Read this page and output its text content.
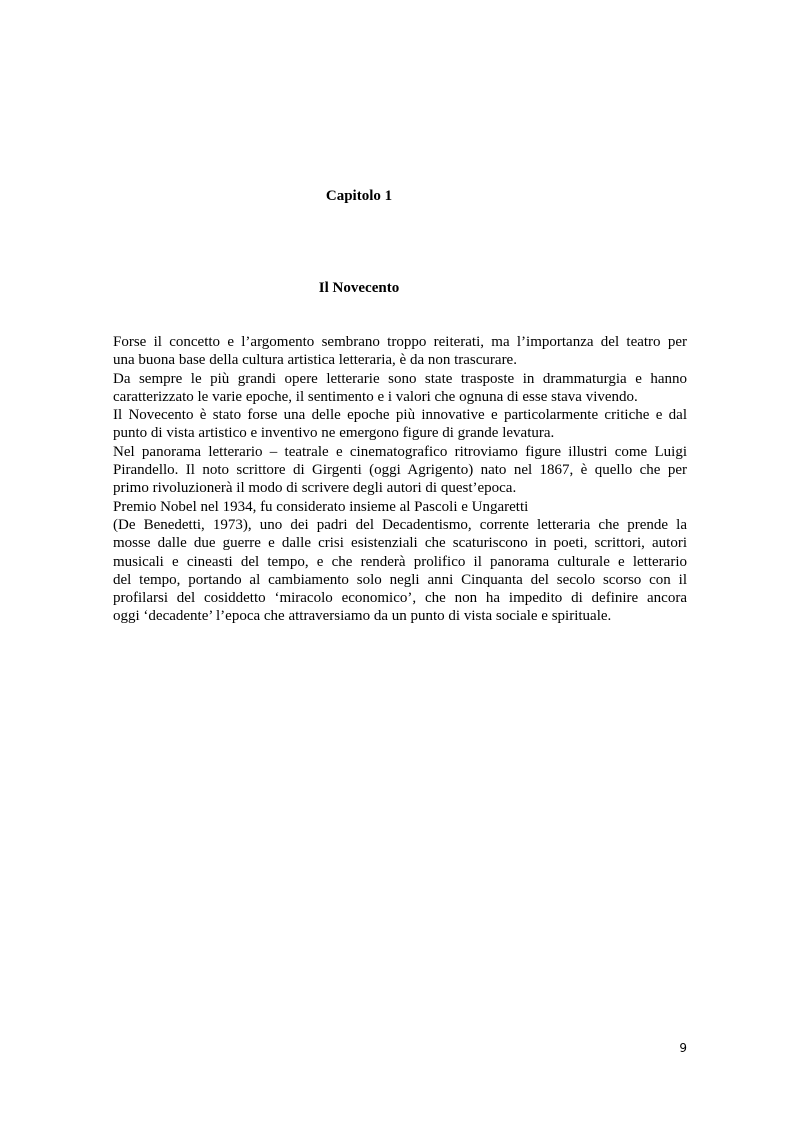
Capitolo 1
Il Novecento
Forse il concetto e l’argomento sembrano troppo reiterati, ma l’importanza del teatro per
una buona base della cultura artistica letteraria, è da non trascurare.
Da sempre le più grandi opere letterarie sono state trasposte in drammaturgia e hanno
caratterizzato le varie epoche, il sentimento e i valori che ognuna di esse stava vivendo.
Il Novecento è stato forse una delle epoche più innovative e particolarmente critiche e dal
punto di vista artistico e inventivo ne emergono figure di grande levatura.
Nel panorama letterario – teatrale e cinematografico ritroviamo figure illustri come Luigi
Pirandello. Il noto scrittore di Girgenti (oggi Agrigento) nato nel 1867, è quello che per
primo rivoluzionerà il modo di scrivere degli autori di quest’epoca.
Premio Nobel nel 1934, fu considerato insieme al Pascoli e Ungaretti
(De Benedetti, 1973), uno dei padri del Decadentismo, corrente letteraria che prende la
mosse dalle due guerre e dalle crisi esistenziali che scaturiscono in poeti, scrittori, autori
musicali e cineasti del tempo, e che renderà prolifico il panorama culturale e letterario
del tempo, portando al cambiamento solo negli anni Cinquanta del secolo scorso con il
profilarsi del cosiddetto ‘miracolo economico’, che non ha impedito di definire ancora
oggi ‘decadente’ l’epoca che attraversiamo da un punto di vista sociale e spirituale.
9
